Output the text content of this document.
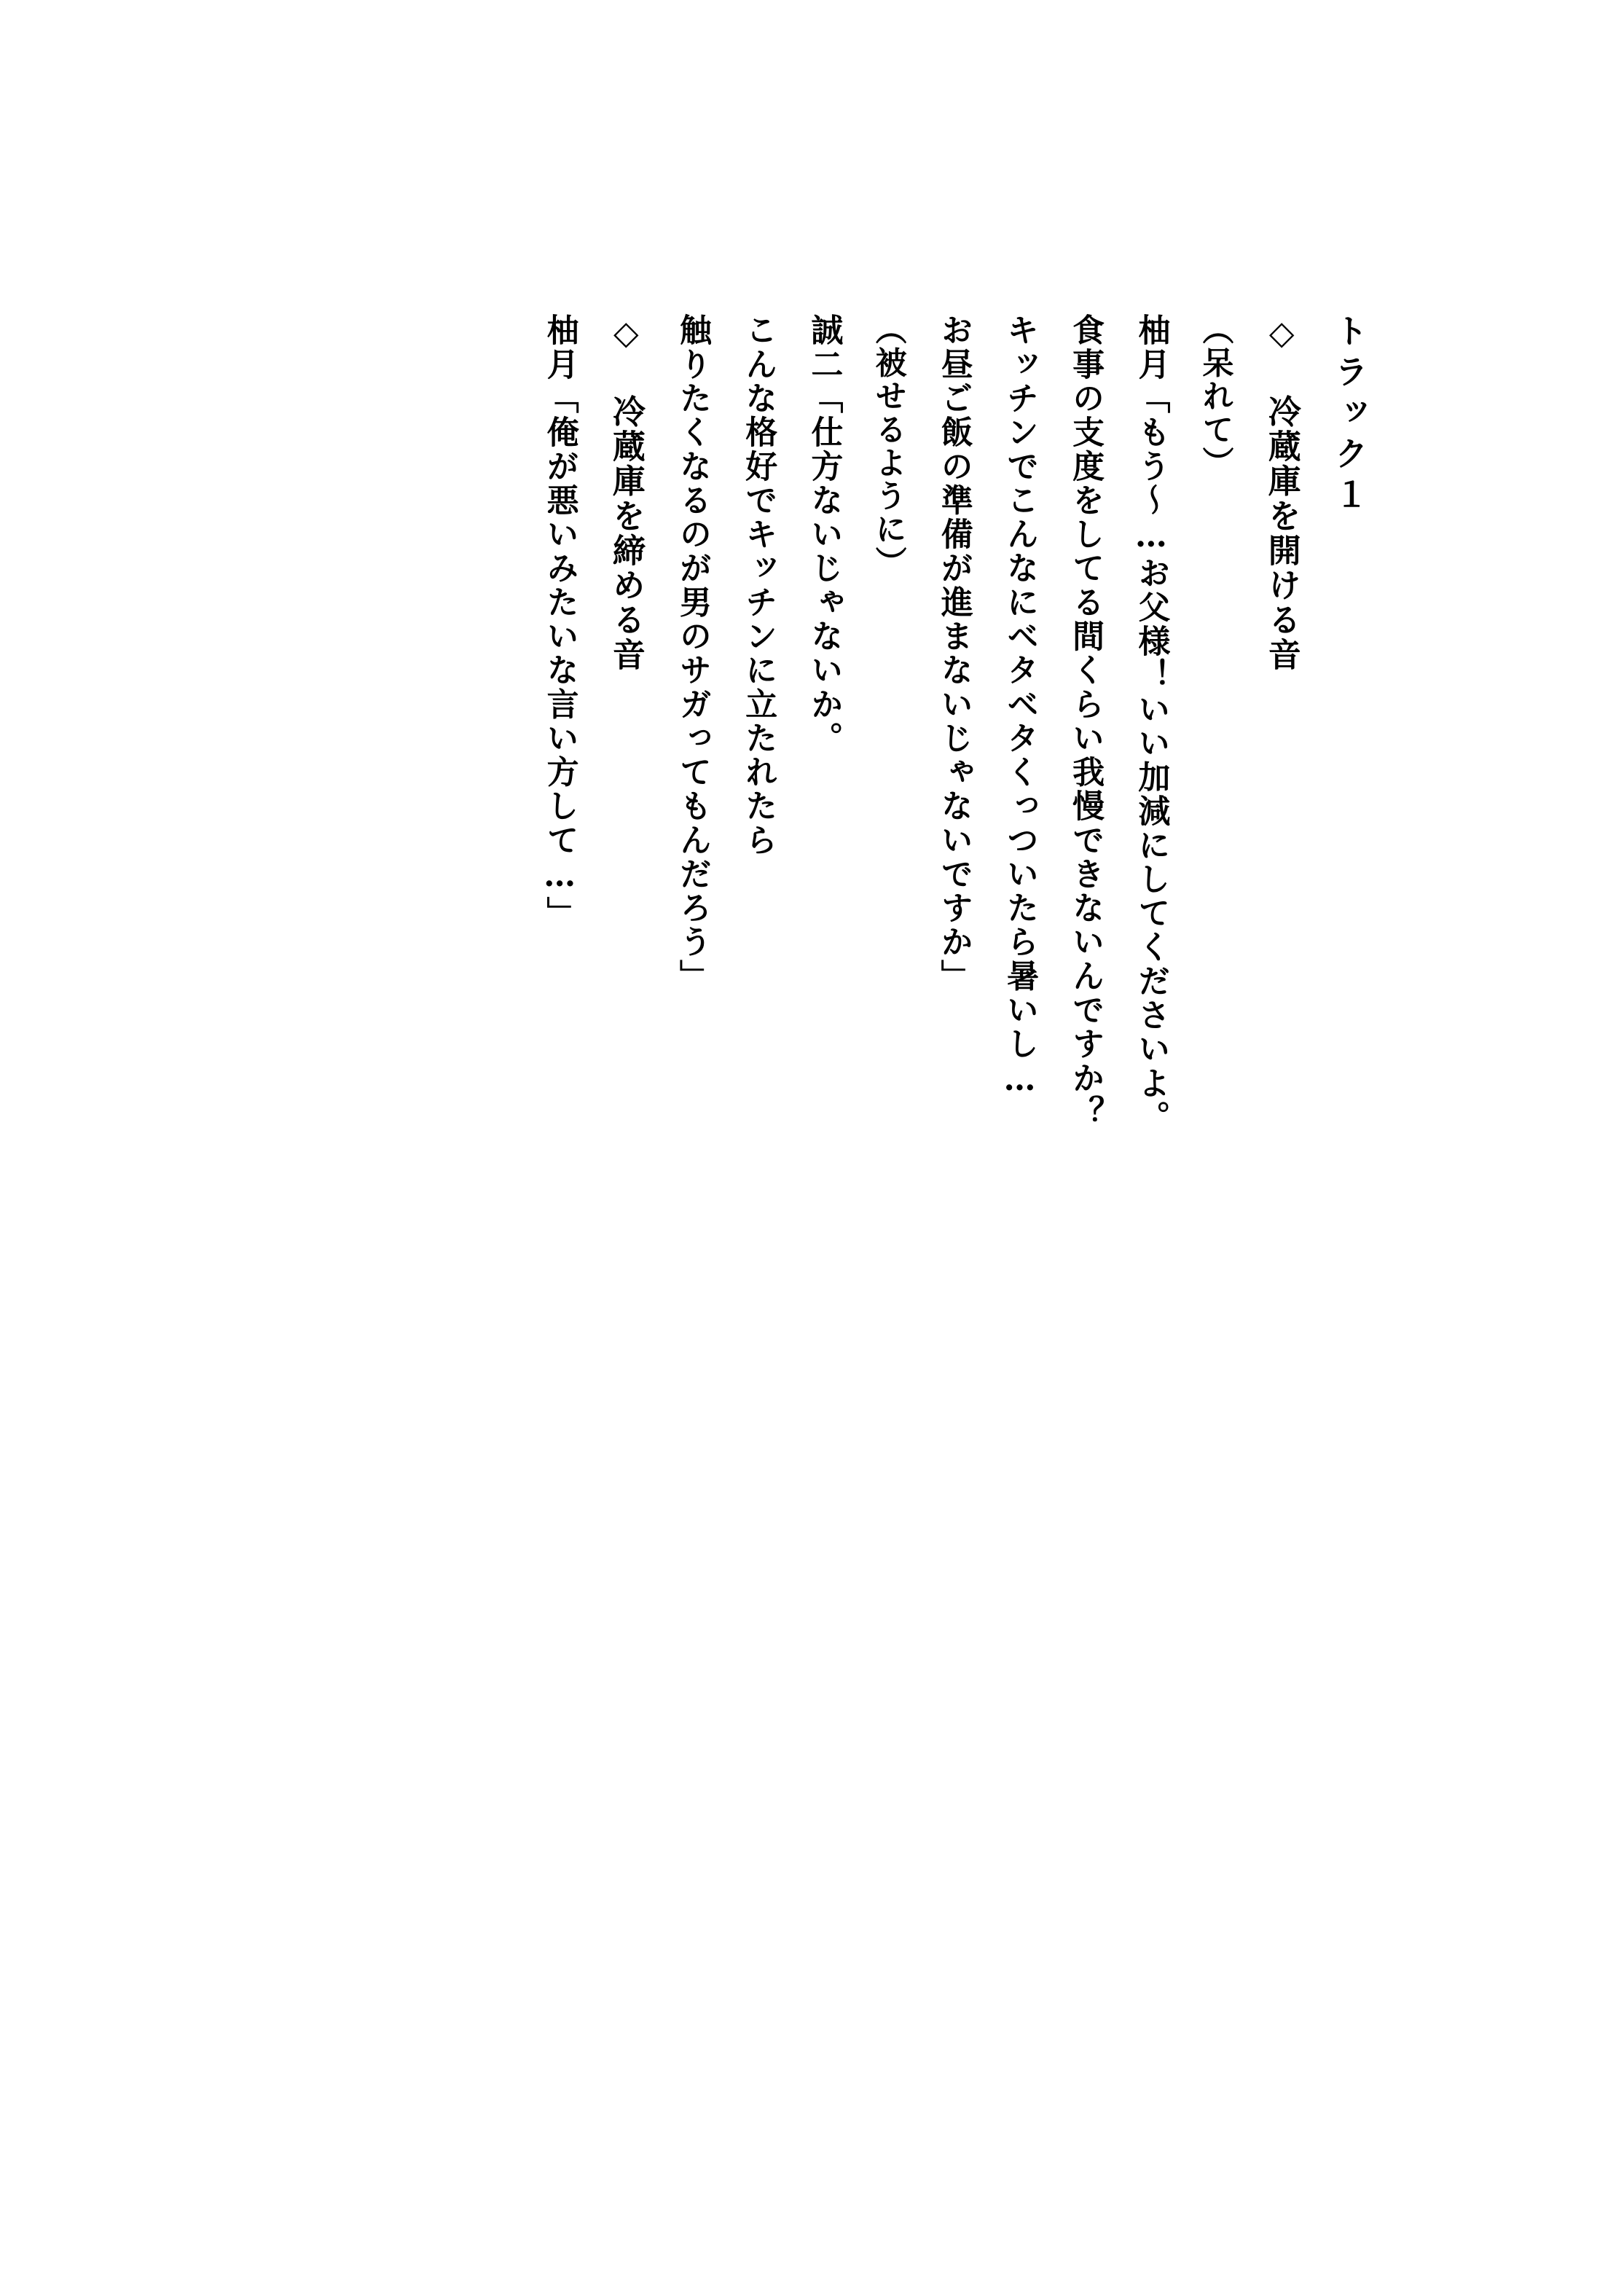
トラック１
◇ 冷蔵庫を開ける音
（呆れて）
柚月「もう〜…お父様！いい加減にしてくださいよ。
食事の支度をしてる間くらい我慢できないんですか？
キッチンでこんなにベタベタくっついたら暑いし…
お昼ご飯の準備が進まないじゃないですか」
（被せるように）
誠二「仕方ないじゃないか。
こんな格好でキッチンに立たれたら
触りたくなるのが男のサガってもんだろう」
◇ 冷蔵庫を締める音
柚月「俺が悪いみたいな言い方して…」
